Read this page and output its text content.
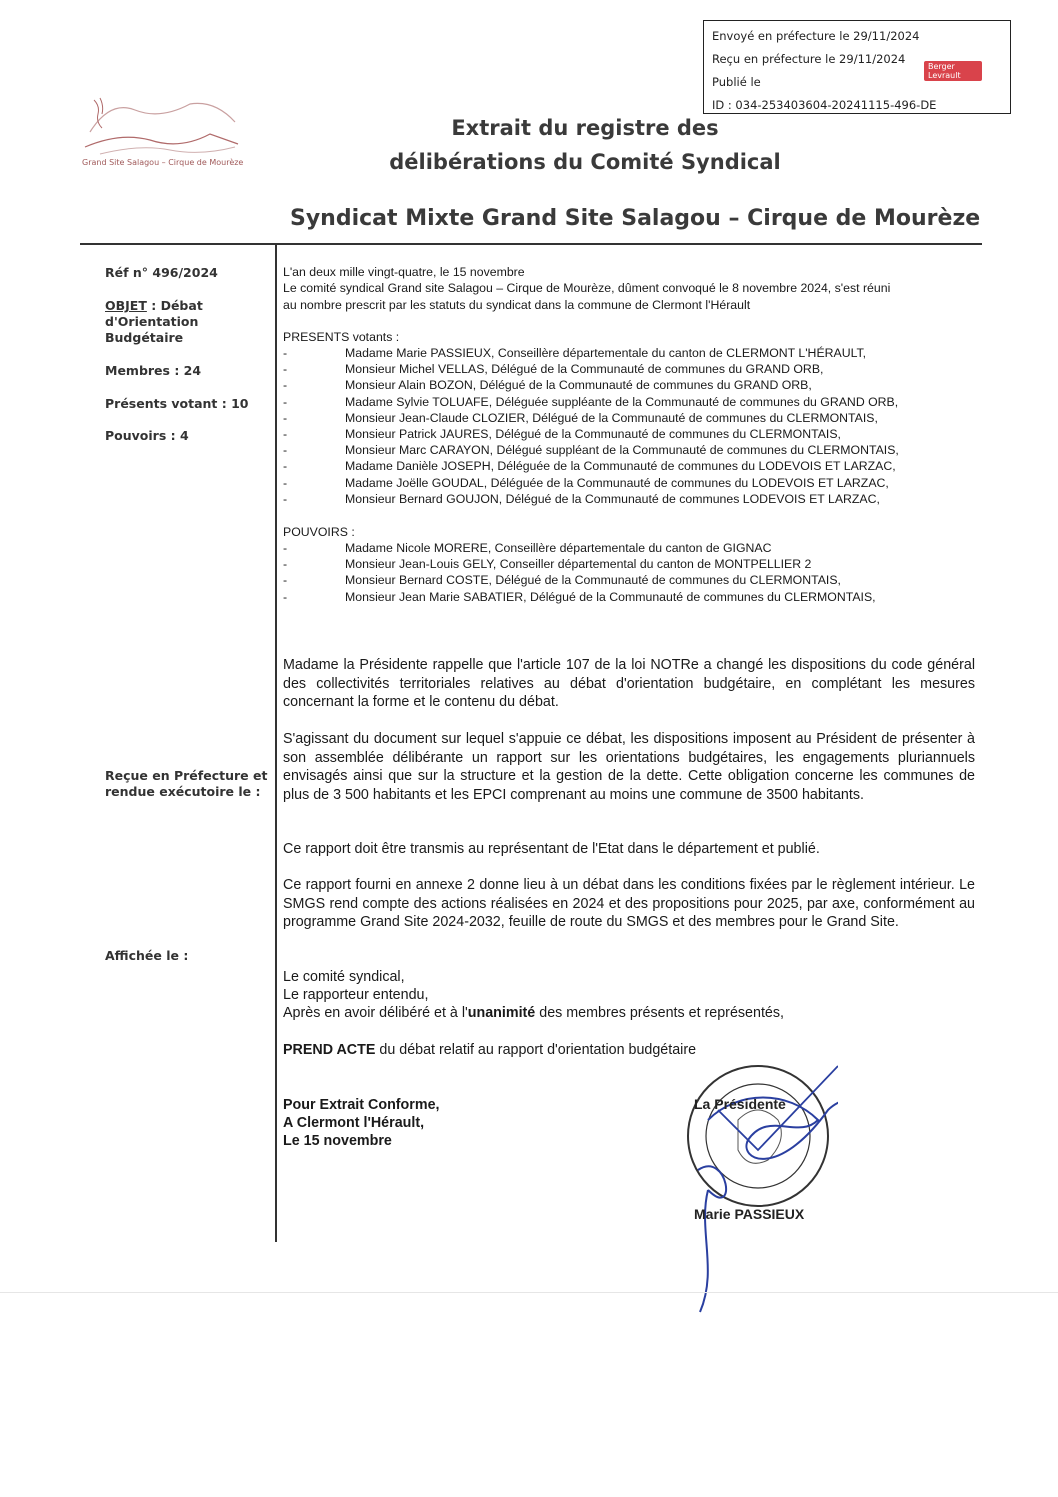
Envoyé en préfecture le 29/11/2024
Reçu en préfecture le 29/11/2024
Publié le
ID : 034-253403604-20241115-496-DE
Berger
Levrault
Grand Site Salagou – Cirque de Mourèze
Extrait du registre des
délibérations du Comité Syndical
Syndicat Mixte Grand Site Salagou – Cirque de Mourèze
Réf n° 496/2024
OBJET : Débat
d'Orientation
Budgétaire
Membres : 24
Présents votant : 10
Pouvoirs : 4
Reçue en Préfecture et
rendue exécutoire le :
Affichée le :
L'an deux mille vingt-quatre, le 15 novembre
Le comité syndical Grand site Salagou – Cirque de Mourèze, dûment convoqué le 8 novembre 2024, s'est réuni
au nombre prescrit par les statuts du syndicat dans la commune de Clermont l'Hérault
PRESENTS votants :
-	Madame Marie PASSIEUX, Conseillère départementale du canton de CLERMONT L'HÉRAULT,
-	Monsieur Michel VELLAS, Délégué de la Communauté de communes du GRAND ORB,
-	Monsieur Alain BOZON, Délégué de la Communauté de communes du GRAND ORB,
-	Madame Sylvie TOLUAFE, Déléguée suppléante de la Communauté de communes du GRAND ORB,
-	Monsieur Jean-Claude CLOZIER, Délégué de la Communauté de communes du CLERMONTAIS,
-	Monsieur Patrick JAURES, Délégué de la Communauté de communes du CLERMONTAIS,
-	Monsieur Marc CARAYON, Délégué suppléant de la Communauté de communes du CLERMONTAIS,
-	Madame Danièle JOSEPH, Déléguée de la Communauté de communes du LODEVOIS ET LARZAC,
-	Madame Joëlle GOUDAL, Déléguée de la Communauté de communes du LODEVOIS ET LARZAC,
-	Monsieur Bernard GOUJON, Délégué de la Communauté de communes LODEVOIS ET LARZAC,
POUVOIRS :
-	Madame Nicole MORERE, Conseillère départementale du canton de GIGNAC
-	Monsieur Jean-Louis GELY, Conseiller départemental du canton de MONTPELLIER 2
-	Monsieur Bernard COSTE, Délégué de la Communauté de communes du CLERMONTAIS,
-	Monsieur Jean Marie SABATIER, Délégué de la Communauté de communes du CLERMONTAIS,
Madame la Présidente rappelle que l'article 107 de la loi NOTRe a changé les dispositions du code général des collectivités territoriales relatives au débat d'orientation budgétaire, en complétant les mesures concernant la forme et le contenu du débat.
S'agissant du document sur lequel s'appuie ce débat, les dispositions imposent au Président de présenter à son assemblée délibérante un rapport sur les orientations budgétaires, les engagements pluriannuels envisagés ainsi que sur la structure et la gestion de la dette. Cette obligation concerne les communes de plus de 3 500 habitants et les EPCI comprenant au moins une commune de 3500 habitants.
Ce rapport doit être transmis au représentant de l'Etat dans le département et publié.
Ce rapport fourni en annexe 2 donne lieu à un débat dans les conditions fixées par le règlement intérieur. Le SMGS rend compte des actions réalisées en 2024 et des propositions pour 2025, par axe, conformément au programme Grand Site 2024-2032, feuille de route du SMGS et des membres pour le Grand Site.
Le comité syndical,
Le rapporteur entendu,
Après en avoir délibéré et à l'unanimité des membres présents et représentés,
PREND ACTE du débat relatif au rapport d'orientation budgétaire
Pour Extrait Conforme,
A Clermont l'Hérault,
Le 15 novembre
La Présidente
Marie PASSIEUX
